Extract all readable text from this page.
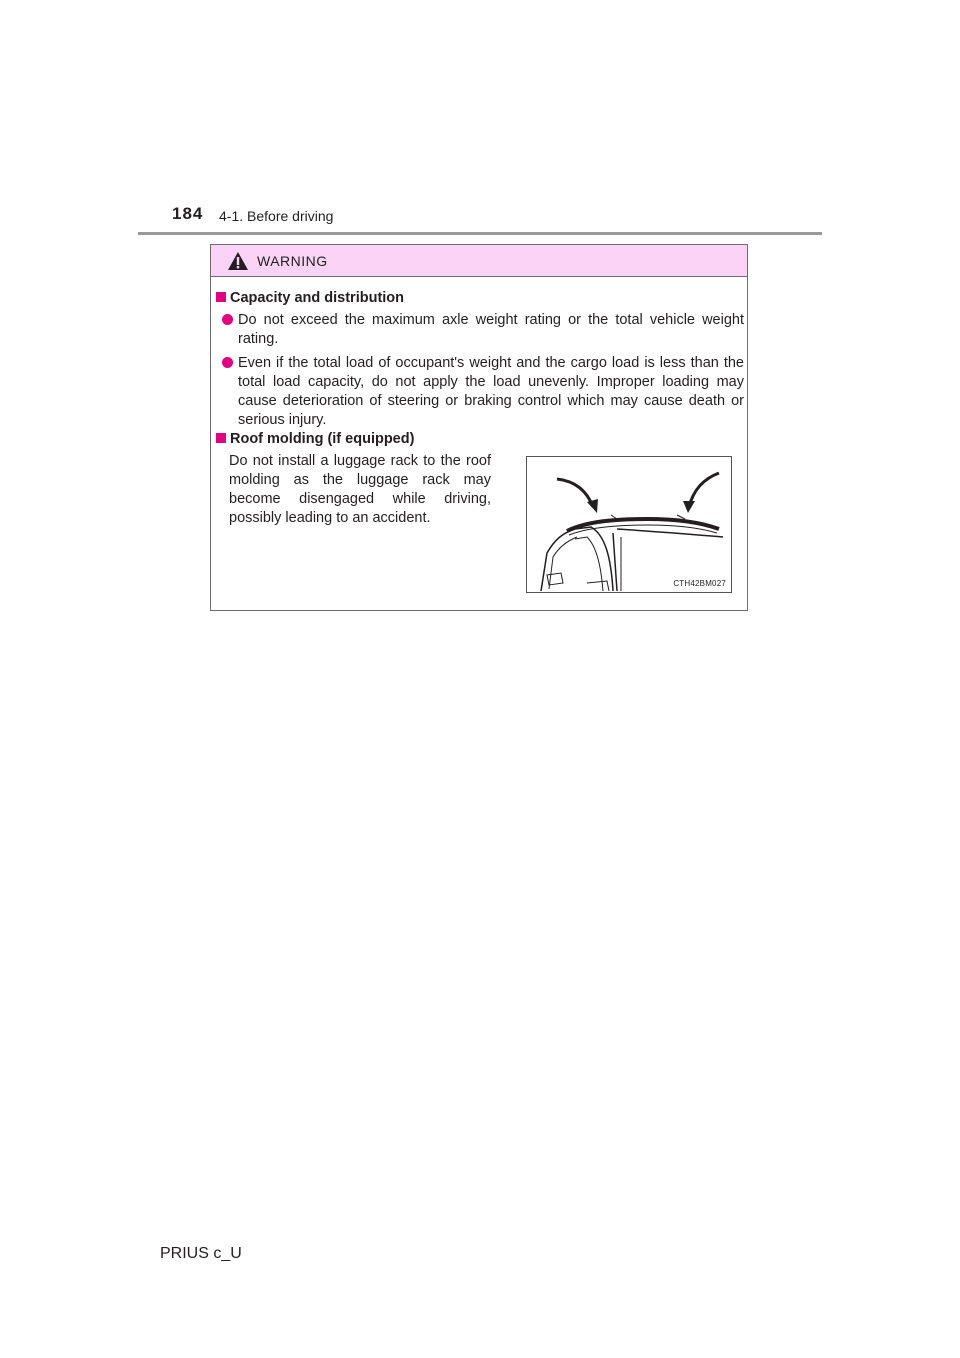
184 4-1. Before driving
WARNING
Capacity and distribution
Do not exceed the maximum axle weight rating or the total vehicle weight rating.
Even if the total load of occupant's weight and the cargo load is less than the total load capacity, do not apply the load unevenly. Improper loading may cause deterioration of steering or braking control which may cause death or serious injury.
Roof molding (if equipped)
Do not install a luggage rack to the roof molding as the luggage rack may become disengaged while driving, possibly leading to an accident.
CTH42BM027
PRIUS c_U
